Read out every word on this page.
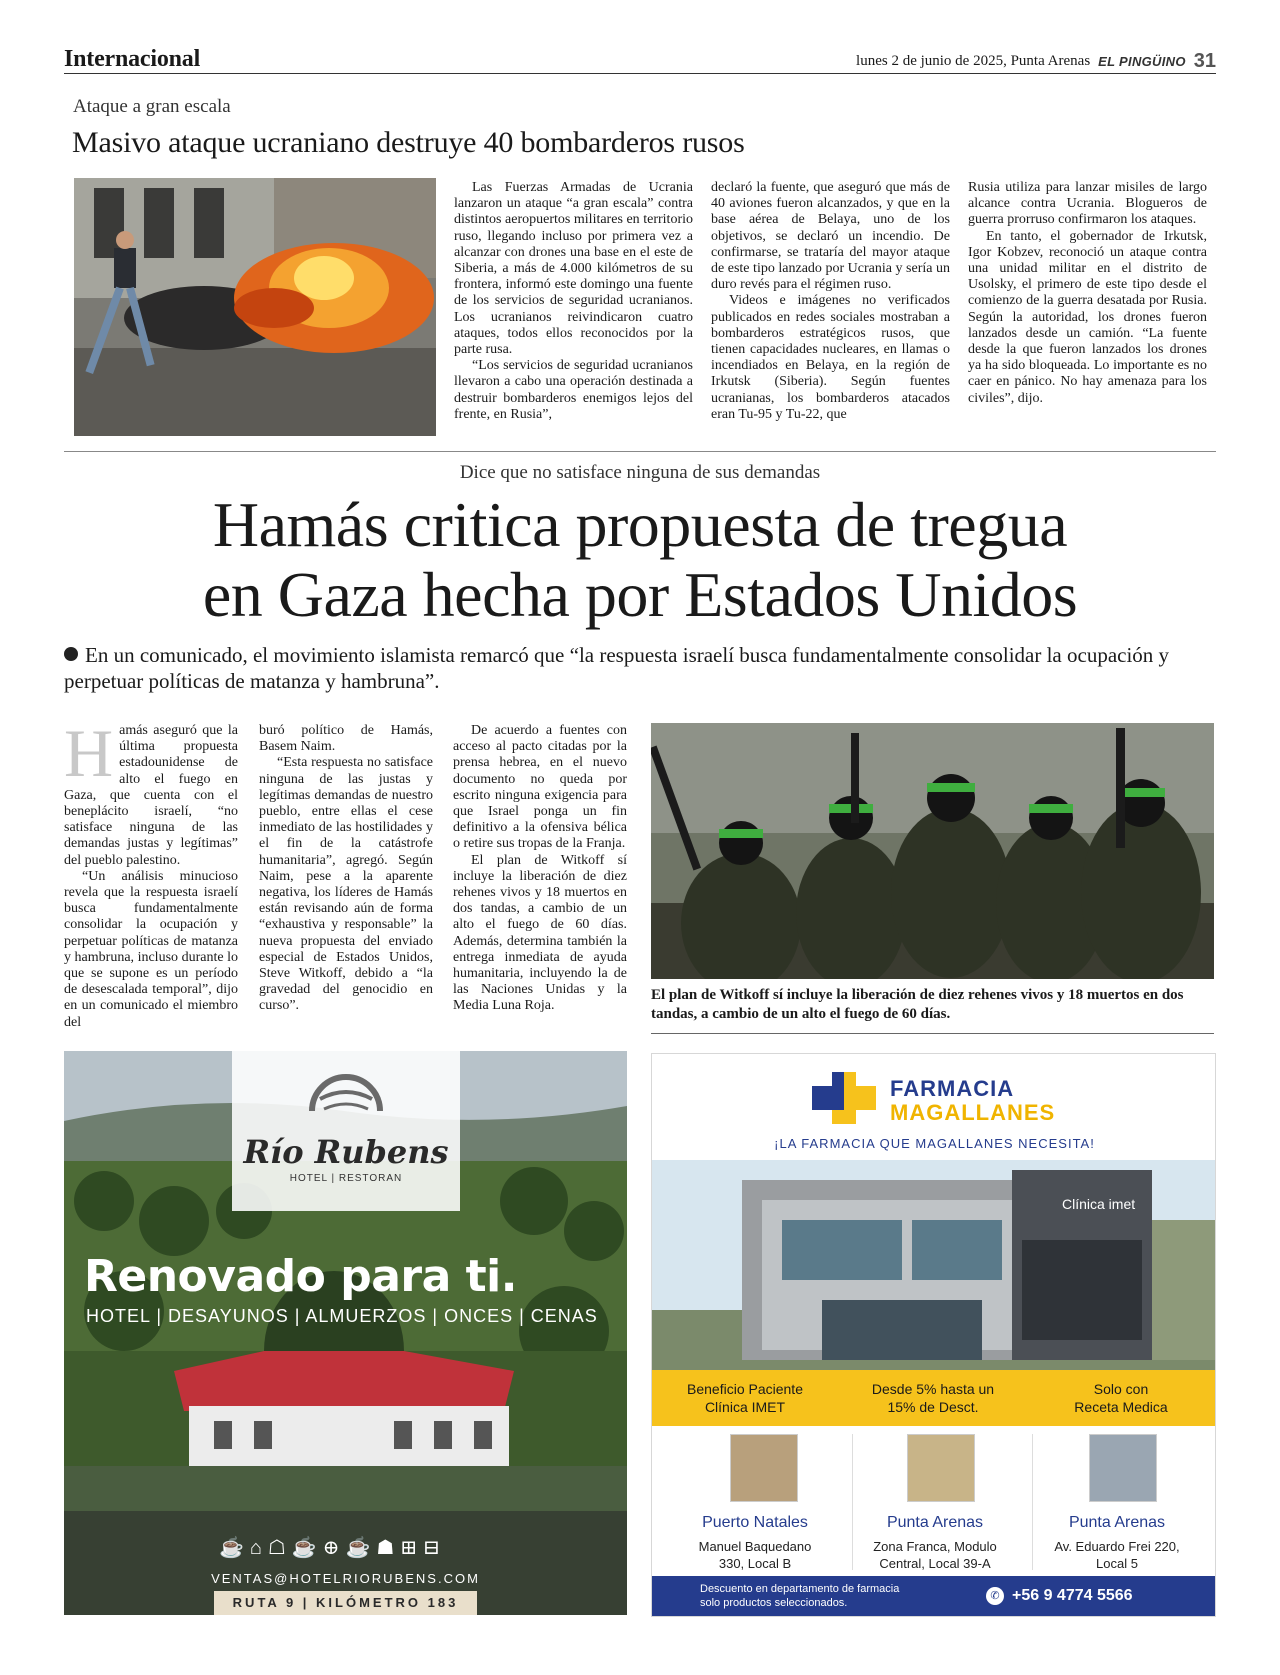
Internacional	lunes 2 de junio de 2025, Punta Arenas EL PINGÜINO 31
Ataque a gran escala
Masivo ataque ucraniano destruye 40 bombarderos rusos

Las Fuerzas Armadas de Ucrania lanzaron un ataque “a gran escala” contra distintos aeropuertos militares en territorio ruso, llegando incluso por primera vez a alcanzar con drones una base en el este de Siberia, a más de 4.000 kilómetros de su frontera, informó este domingo una fuente de los servicios de seguridad ucranianos. Los ucranianos reivindicaron cuatro ataques, todos ellos reconocidos por la parte rusa.

“Los servicios de seguridad ucranianos llevaron a cabo una operación destinada a destruir bombarderos enemigos lejos del frente, en Rusia”,

declaró la fuente, que aseguró que más de 40 aviones fueron alcanzados, y que en la base aérea de Belaya, uno de los objetivos, se declaró un incendio. De confirmarse, se trataría del mayor ataque de este tipo lanzado por Ucrania y sería un duro revés para el régimen ruso.

Videos e imágenes no verificados publicados en redes sociales mostraban a bombarderos estratégicos rusos, que tienen capacidades nucleares, en llamas o incendiados en Belaya, en la región de Irkutsk (Siberia). Según fuentes ucranianas, los bombarderos atacados eran Tu-95 y Tu-22, que

Rusia utiliza para lanzar misiles de largo alcance contra Ucrania. Blogueros de guerra prorruso confirmaron los ataques.

En tanto, el gobernador de Irkutsk, Igor Kobzev, reconoció un ataque contra una unidad militar en el distrito de Usolsky, el primero de este tipo desde el comienzo de la guerra desatada por Rusia. Según la autoridad, los drones fueron lanzados desde un camión. “La fuente desde la que fueron lanzados los drones ya ha sido bloqueada. Lo importante es no caer en pánico. No hay amenaza para los civiles”, dijo.

Dice que no satisface ninguna de sus demandas
Hamás critica propuesta de tregua
en Gaza hecha por Estados Unidos
En un comunicado, el movimiento islamista remarcó que “la respuesta israelí busca fundamentalmente consolidar la ocupación y perpetuar políticas de matanza y hambruna”.

Hamás aseguró que la última propuesta estadounidense de alto el fuego en Gaza, que cuenta con el beneplácito israelí, “no satisface ninguna de las demandas justas y legítimas” del pueblo palestino.

“Un análisis minucioso revela que la respuesta israelí busca fundamentalmente consolidar la ocupación y perpetuar políticas de matanza y hambruna, incluso durante lo que se supone es un período de desescalada temporal”, dijo en un comunicado el miembro del

buró político de Hamás, Basem Naim.

“Esta respuesta no satisface ninguna de las justas y legítimas demandas de nuestro pueblo, entre ellas el cese inmediato de las hostilidades y el fin de la catástrofe humanitaria”, agregó. Según Naim, pese a la aparente negativa, los líderes de Hamás están revisando aún de forma “exhaustiva y responsable” la nueva propuesta del enviado especial de Estados Unidos, Steve Witkoff, debido a “la gravedad del genocidio en curso”.

De acuerdo a fuentes con acceso al pacto citadas por la prensa hebrea, en el nuevo documento no queda por escrito ninguna exigencia para que Israel ponga un fin definitivo a la ofensiva bélica o retire sus tropas de la Franja.

El plan de Witkoff sí incluye la liberación de diez rehenes vivos y 18 muertos en dos tandas, a cambio de un alto el fuego de 60 días. Además, determina también la entrega inmediata de ayuda humanitaria, incluyendo la de las Naciones Unidas y la Media Luna Roja.

El plan de Witkoff sí incluye la liberación de diez rehenes vivos y 18 muertos en dos tandas, a cambio de un alto el fuego de 60 días.
Río Rubens
HOTEL | RESTORAN
Renovado para ti.
HOTEL | DESAYUNOS | ALMUERZOS | ONCES | CENAS
☕⌂☖☕⊕☕☗⊞⊟
VENTAS@HOTELRIORUBENS.COM
RUTA 9 | KILÓMETRO 183
FARMACIA
MAGALLANES
¡LA FARMACIA QUE MAGALLANES NECESITA!
Clínica imet
Beneficio Paciente
Clínica IMET
Desde 5% hasta un
15% de Desct.
Solo con
Receta Medica
Puerto Natales
Manuel Baquedano
330, Local B
Punta Arenas
Zona Franca, Modulo
Central, Local 39-A
Punta Arenas
Av. Eduardo Frei 220,
Local 5
Descuento en departamento de farmacia
solo productos seleccionados.
✆ +56 9 4774 5566
